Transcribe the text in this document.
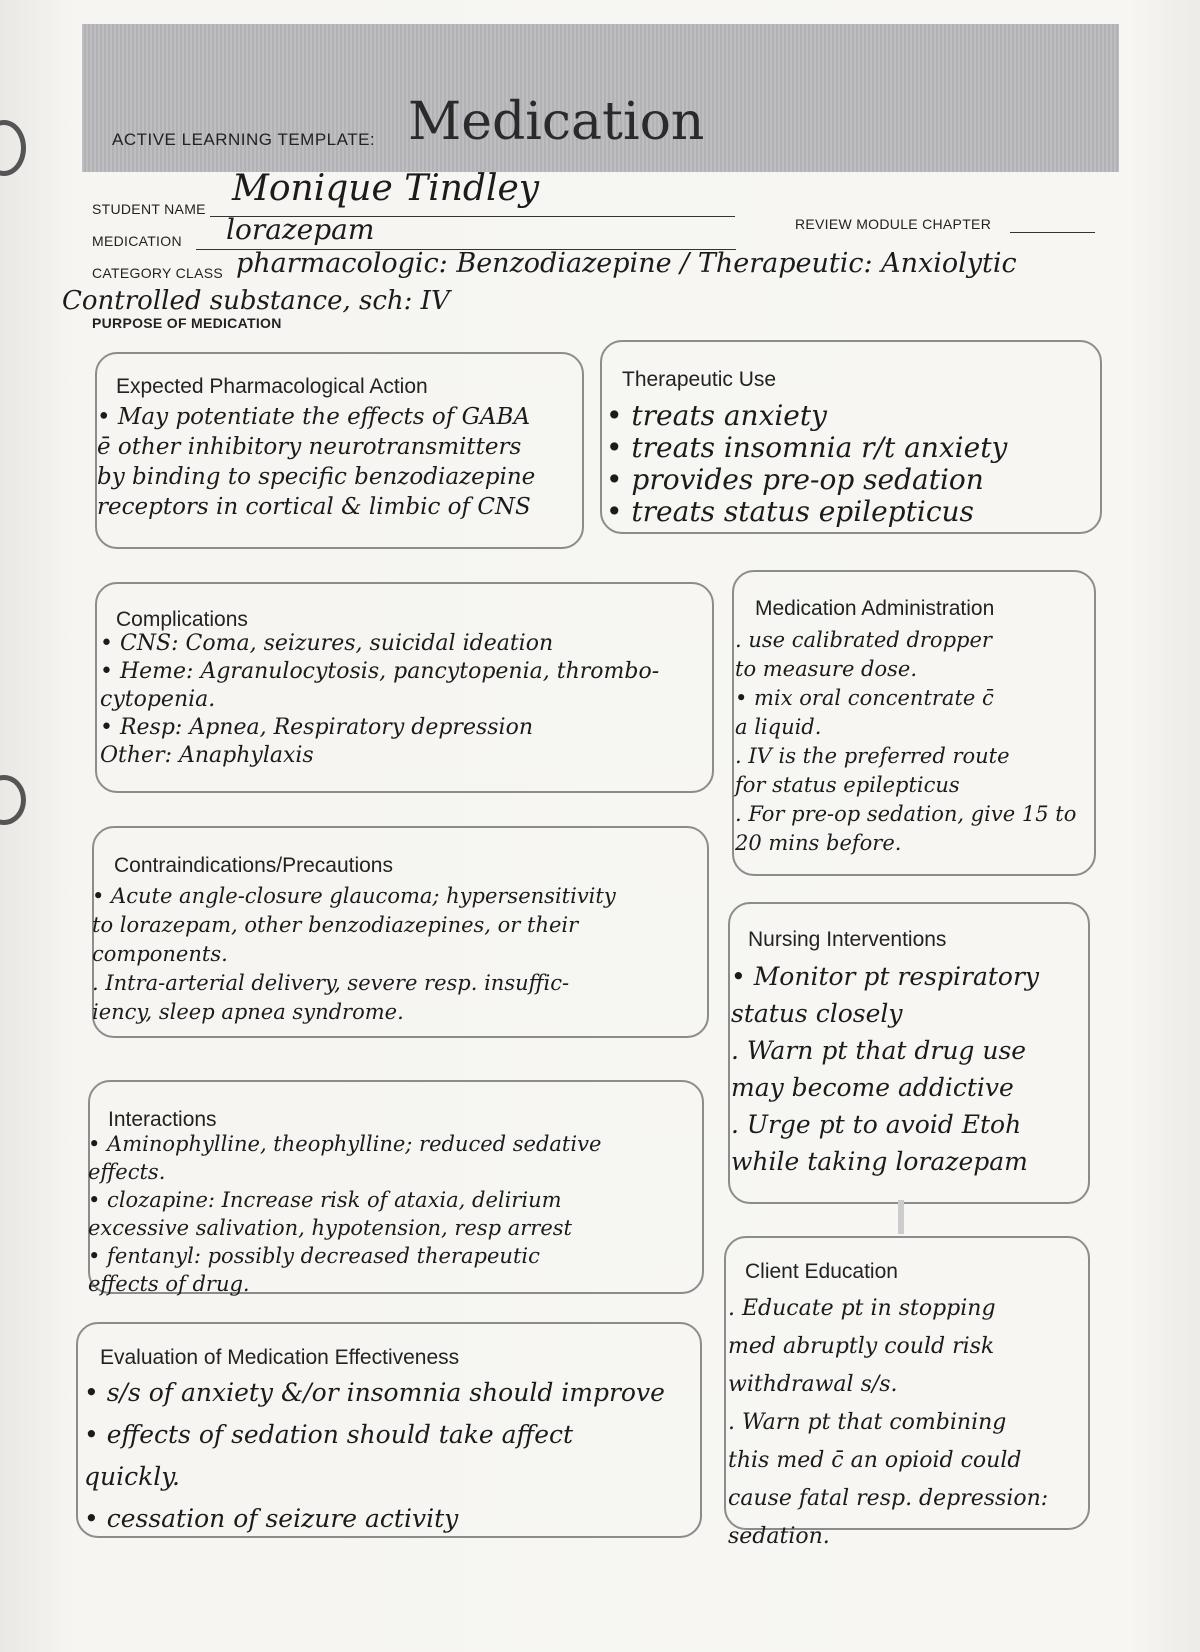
ACTIVE LEARNING TEMPLATE: Medication
STUDENT NAME Monique Tindley
MEDICATION lorazepam	REVIEW MODULE CHAPTER
CATEGORY CLASS pharmacologic: Benzodiazepine / Therapeutic: Anxiolytic
Controlled substance, sch: IV
PURPOSE OF MEDICATION
Expected Pharmacological Action
• May potentiate the effects of GABA
ē other inhibitory neurotransmitters
by binding to specific benzodiazepine
receptors in cortical & limbic of CNS
Therapeutic Use
• treats anxiety
• treats insomnia r/t anxiety
• provides pre-op sedation
• treats status epilepticus
Complications
• CNS: Coma, seizures, suicidal ideation
• Heme: Agranulocytosis, pancytopenia, thrombo-
cytopenia.
• Resp: Apnea, Respiratory depression
Other: Anaphylaxis
Medication Administration
. use calibrated dropper
to measure dose.
• mix oral concentrate c̄
a liquid.
. IV is the preferred route
for status epilepticus
. For pre-op sedation, give 15 to
20 mins before.
Contraindications/Precautions
• Acute angle-closure glaucoma; hypersensitivity
to lorazepam, other benzodiazepines, or their
components.
. Intra-arterial delivery, severe resp. insuffic-
iency, sleep apnea syndrome.
Nursing Interventions
• Monitor pt respiratory
status closely
. Warn pt that drug use
may become addictive
. Urge pt to avoid Etoh
while taking lorazepam
Interactions
• Aminophylline, theophylline; reduced sedative
effects.
• clozapine: Increase risk of ataxia, delirium
excessive salivation, hypotension, resp arrest
• fentanyl: possibly decreased therapeutic
effects of drug.
Client Education
. Educate pt in stopping
med abruptly could risk
withdrawal s/s.
. Warn pt that combining
this med c̄ an opioid could
cause fatal resp. depression:
sedation.
Evaluation of Medication Effectiveness
• s/s of anxiety &/or insomnia should improve
• effects of sedation should take affect
quickly.
• cessation of seizure activity
